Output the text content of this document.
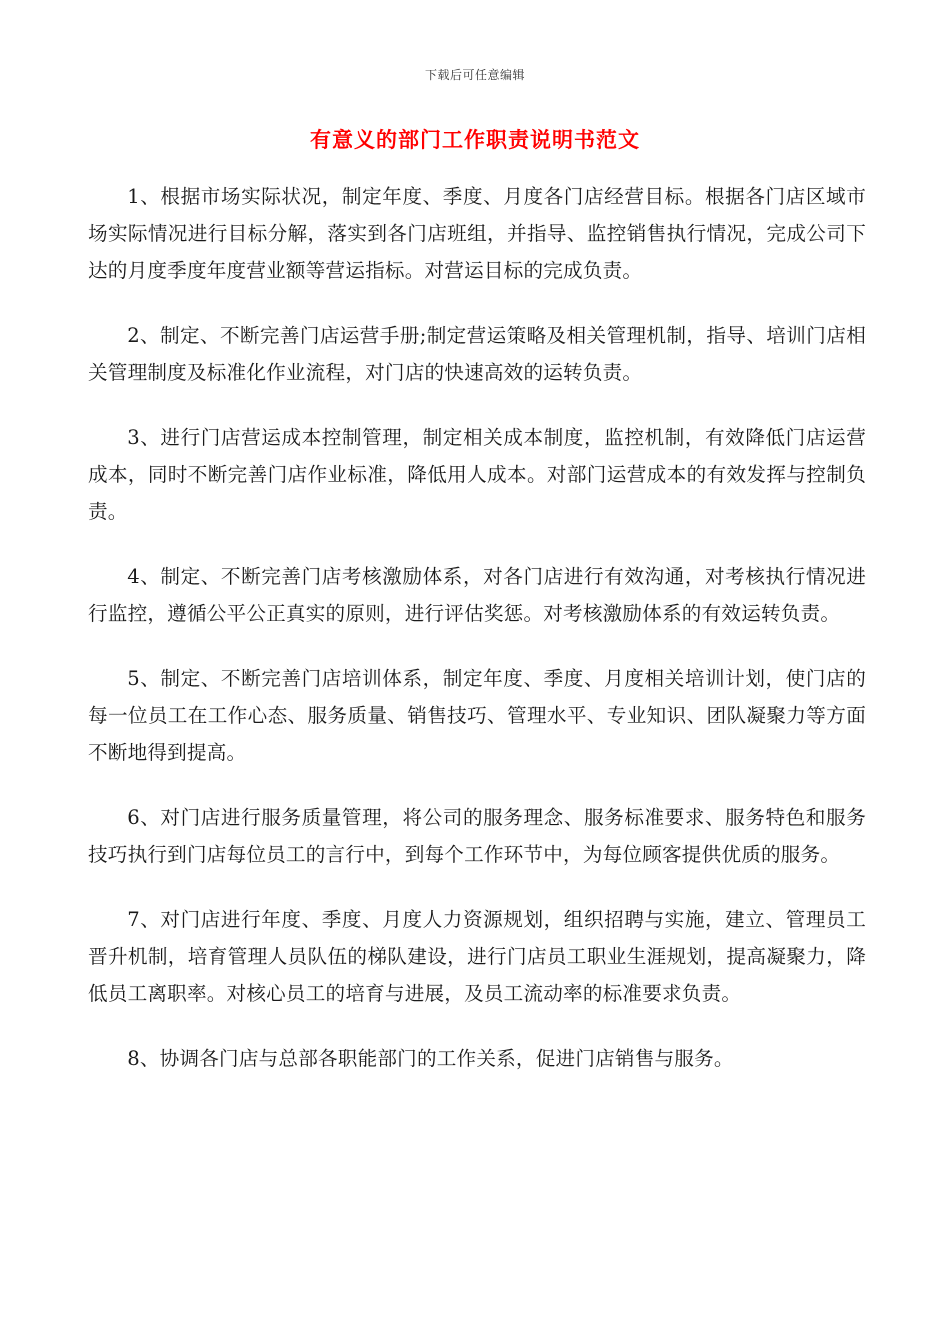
下载后可任意编辑
有意义的部门工作职责说明书范文

1、根据市场实际状况，制定年度、季度、月度各门店经营目标。根据各门店区域市场实际情况进行目标分解，落实到各门店班组，并指导、监控销售执行情况，完成公司下达的月度季度年度营业额等营运指标。对营运目标的完成负责。

2、制定、不断完善门店运营手册;制定营运策略及相关管理机制，指导、培训门店相关管理制度及标准化作业流程，对门店的快速高效的运转负责。

3、进行门店营运成本控制管理，制定相关成本制度，监控机制，有效降低门店运营成本，同时不断完善门店作业标准，降低用人成本。对部门运营成本的有效发挥与控制负责。

4、制定、不断完善门店考核激励体系，对各门店进行有效沟通，对考核执行情况进行监控，遵循公平公正真实的原则，进行评估奖惩。对考核激励体系的有效运转负责。

5、制定、不断完善门店培训体系，制定年度、季度、月度相关培训计划，使门店的每一位员工在工作心态、服务质量、销售技巧、管理水平、专业知识、团队凝聚力等方面不断地得到提高。

6、对门店进行服务质量管理，将公司的服务理念、服务标准要求、服务特色和服务技巧执行到门店每位员工的言行中，到每个工作环节中，为每位顾客提供优质的服务。

7、对门店进行年度、季度、月度人力资源规划，组织招聘与实施，建立、管理员工晋升机制，培育管理人员队伍的梯队建设，进行门店员工职业生涯规划，提高凝聚力，降低员工离职率。对核心员工的培育与进展，及员工流动率的标准要求负责。

8、协调各门店与总部各职能部门的工作关系，促进门店销售与服务。
